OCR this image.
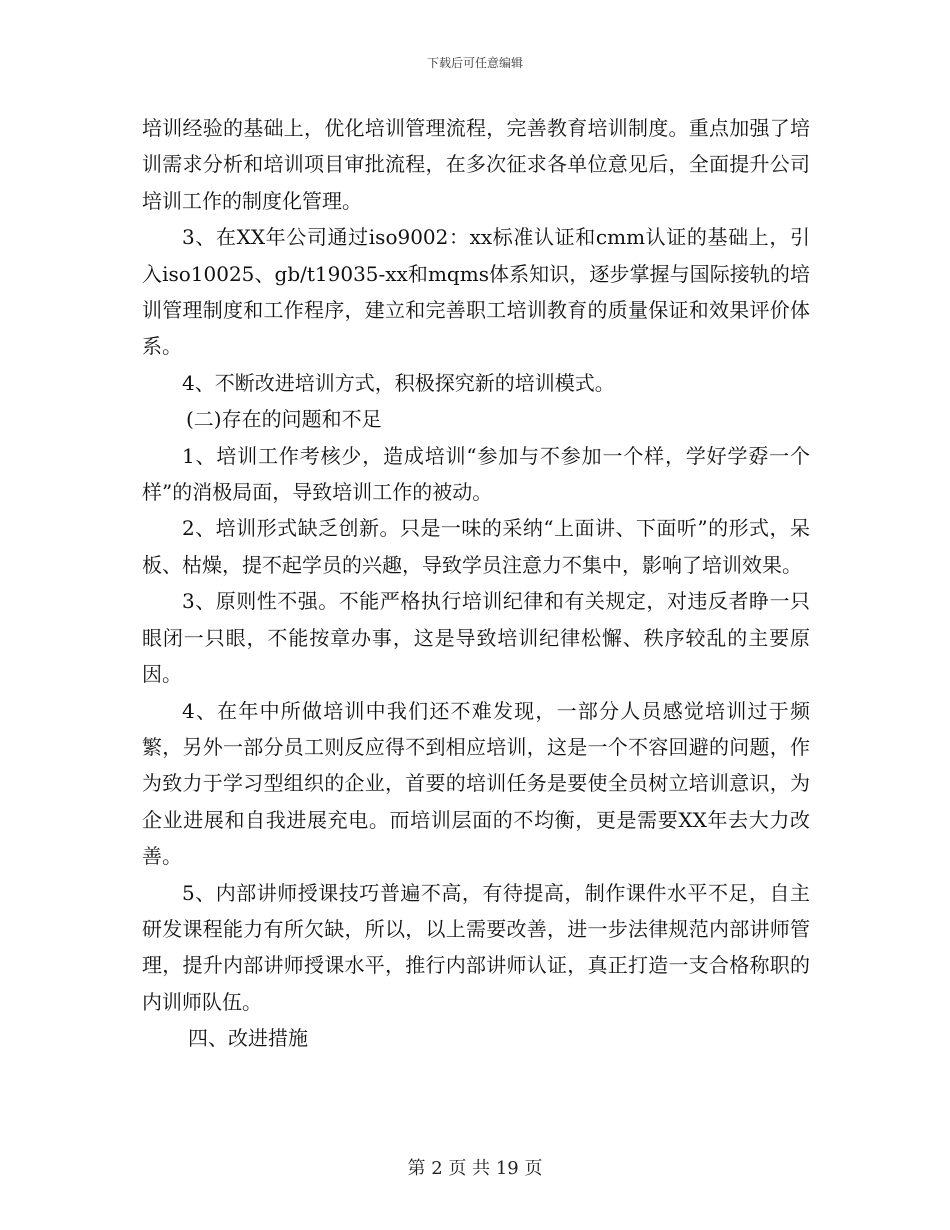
下载后可任意编辑

培训经验的基础上，优化培训管理流程，完善教育培训制度。重点加强了培训需求分析和培训项目审批流程，在多次征求各单位意见后，全面提升公司培训工作的制度化管理。

3、在XX年公司通过iso9002：xx标准认证和cmm认证的基础上，引入iso10025、gb/t19035-xx和mqms体系知识，逐步掌握与国际接轨的培训管理制度和工作程序，建立和完善职工培训教育的质量保证和效果评价体系。

4、不断改进培训方式，积极探究新的培训模式。

(二)存在的问题和不足

1、培训工作考核少，造成培训“参加与不参加一个样，学好学孬一个样”的消极局面，导致培训工作的被动。

2、培训形式缺乏创新。只是一味的采纳“上面讲、下面听”的形式，呆板、枯燥，提不起学员的兴趣，导致学员注意力不集中，影响了培训效果。

3、原则性不强。不能严格执行培训纪律和有关规定，对违反者睁一只眼闭一只眼，不能按章办事，这是导致培训纪律松懈、秩序较乱的主要原因。

4、在年中所做培训中我们还不难发现，一部分人员感觉培训过于频繁，另外一部分员工则反应得不到相应培训，这是一个不容回避的问题，作为致力于学习型组织的企业，首要的培训任务是要使全员树立培训意识，为企业进展和自我进展充电。而培训层面的不均衡，更是需要XX年去大力改善。

5、内部讲师授课技巧普遍不高，有待提高，制作课件水平不足，自主研发课程能力有所欠缺，所以，以上需要改善，进一步法律规范内部讲师管理，提升内部讲师授课水平，推行内部讲师认证，真正打造一支合格称职的内训师队伍。

四、改进措施

第 2 页 共 19 页
